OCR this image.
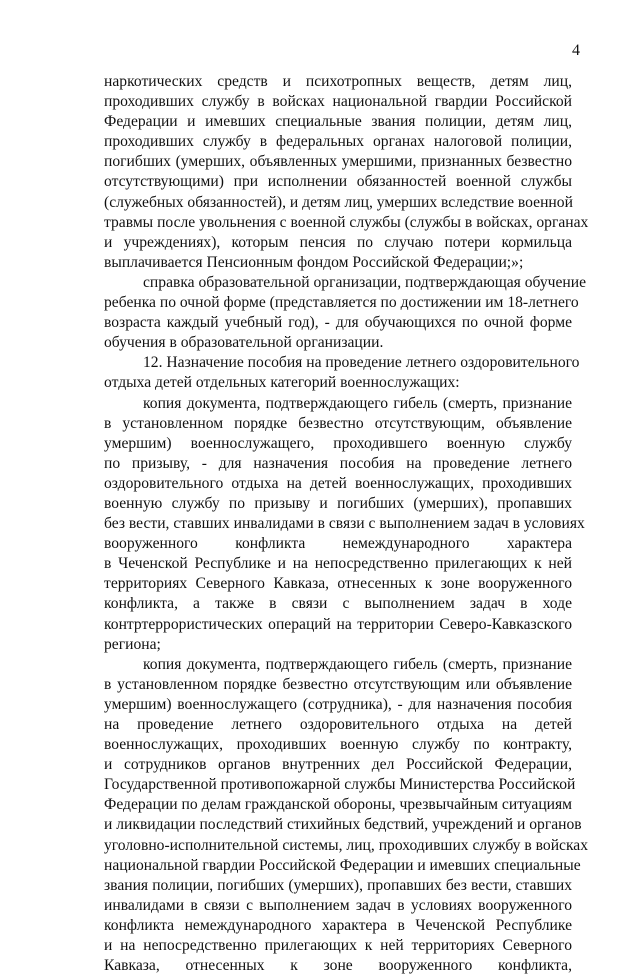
4
наркотических средств и психотропных веществ, детям лиц,
проходивших службу в войсках национальной гвардии Российской
Федерации и имевших специальные звания полиции, детям лиц,
проходивших службу в федеральных органах налоговой полиции,
погибших (умерших, объявленных умершими, признанных безвестно
отсутствующими) при исполнении обязанностей военной службы
(служебных обязанностей), и детям лиц, умерших вследствие военной
травмы после увольнения с военной службы (службы в войсках, органах
и учреждениях), которым пенсия по случаю потери кормильца
выплачивается Пенсионным фондом Российской Федерации;»;
справка образовательной организации, подтверждающая обучение
ребенка по очной форме (представляется по достижении им 18-летнего
возраста каждый учебный год), - для обучающихся по очной форме
обучения в образовательной организации.
12. Назначение пособия на проведение летнего оздоровительного
отдыха детей отдельных категорий военнослужащих:
копия документа, подтверждающего гибель (смерть, признание
в установленном порядке безвестно отсутствующим, объявление
умершим) военнослужащего, проходившего военную службу
по призыву, - для назначения пособия на проведение летнего
оздоровительного отдыха на детей военнослужащих, проходивших
военную службу по призыву и погибших (умерших), пропавших
без вести, ставших инвалидами в связи с выполнением задач в условиях
вооруженного конфликта немеждународного характера
в Чеченской Республике и на непосредственно прилегающих к ней
территориях Северного Кавказа, отнесенных к зоне вооруженного
конфликта, а также в связи с выполнением задач в ходе
контртеррористических операций на территории Северо-Кавказского
региона;
копия документа, подтверждающего гибель (смерть, признание
в установленном порядке безвестно отсутствующим или объявление
умершим) военнослужащего (сотрудника), - для назначения пособия
на проведение летнего оздоровительного отдыха на детей
военнослужащих, проходивших военную службу по контракту,
и сотрудников органов внутренних дел Российской Федерации,
Государственной противопожарной службы Министерства Российской
Федерации по делам гражданской обороны, чрезвычайным ситуациям
и ликвидации последствий стихийных бедствий, учреждений и органов
уголовно-исполнительной системы, лиц, проходивших службу в войсках
национальной гвардии Российской Федерации и имевших специальные
звания полиции, погибших (умерших), пропавших без вести, ставших
инвалидами в связи с выполнением задач в условиях вооруженного
конфликта немеждународного характера в Чеченской Республике
и на непосредственно прилегающих к ней территориях Северного
Кавказа, отнесенных к зоне вооруженного конфликта,
